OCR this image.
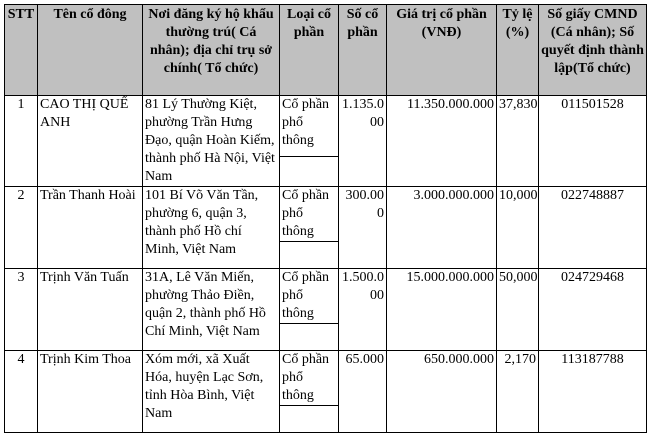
STT	Tên cổ đông	Nơi đăng ký hộ khẩu thường trú( Cá nhân); địa chỉ trụ sở chính( Tổ chức)	Loại cổ phần	Số cổ phần	Giá trị cổ phần (VNĐ)	Tỷ lệ (%)	Số giấy CMND (Cá nhân); Số quyết định thành lập(Tổ chức)
1	CAO THỊ QUẾ ANH	81 Lý Thường Kiệt, phường Trần Hưng Đạo, quận Hoàn Kiếm, thành phố Hà Nội, Việt Nam	Cổ phần phổ thông	1.135.000	11.350.000.000	37,830	011501528

2	Trần Thanh Hoài	101 Bí Võ Văn Tần, phường 6, quận 3, thành phố Hồ chí Minh, Việt Nam	Cổ phần phổ thông	300.000	3.000.000.000	10,000	022748887

3	Trịnh Văn Tuấn	31A, Lê Văn Miến, phường Thảo Điền, quận 2, thành phố Hồ Chí Minh, Việt Nam	Cổ phần phổ thông	1.500.000	15.000.000.000	50,000	024729468

4	Trịnh Kim Thoa	Xóm mới, xã Xuất Hóa, huyện Lạc Sơn, tỉnh Hòa Bình, Việt Nam	Cổ phần phổ thông	65.000	650.000.000	2,170	113187788
